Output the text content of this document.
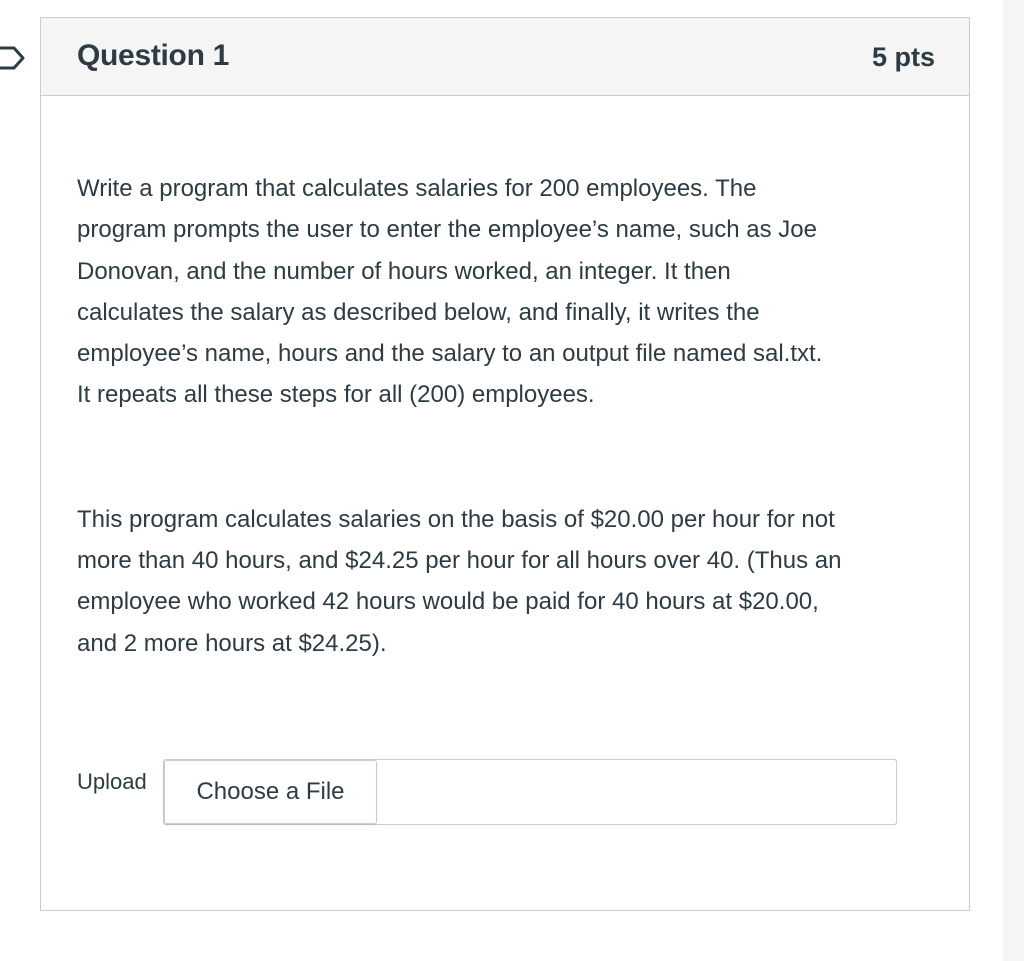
Question 1	5 pts

Write a program that calculates salaries for 200 employees. The
program prompts the user to enter the employee’s name, such as Joe
Donovan, and the number of hours worked, an integer. It then
calculates the salary as described below, and finally, it writes the
employee’s name, hours and the salary to an output file named sal.txt.
It repeats all these steps for all (200) employees.

This program calculates salaries on the basis of $20.00 per hour for not
more than 40 hours, and $24.25 per hour for all hours over 40. (Thus an
employee who worked 42 hours would be paid for 40 hours at $20.00,
and 2 more hours at $24.25).

Upload	Choose a File
